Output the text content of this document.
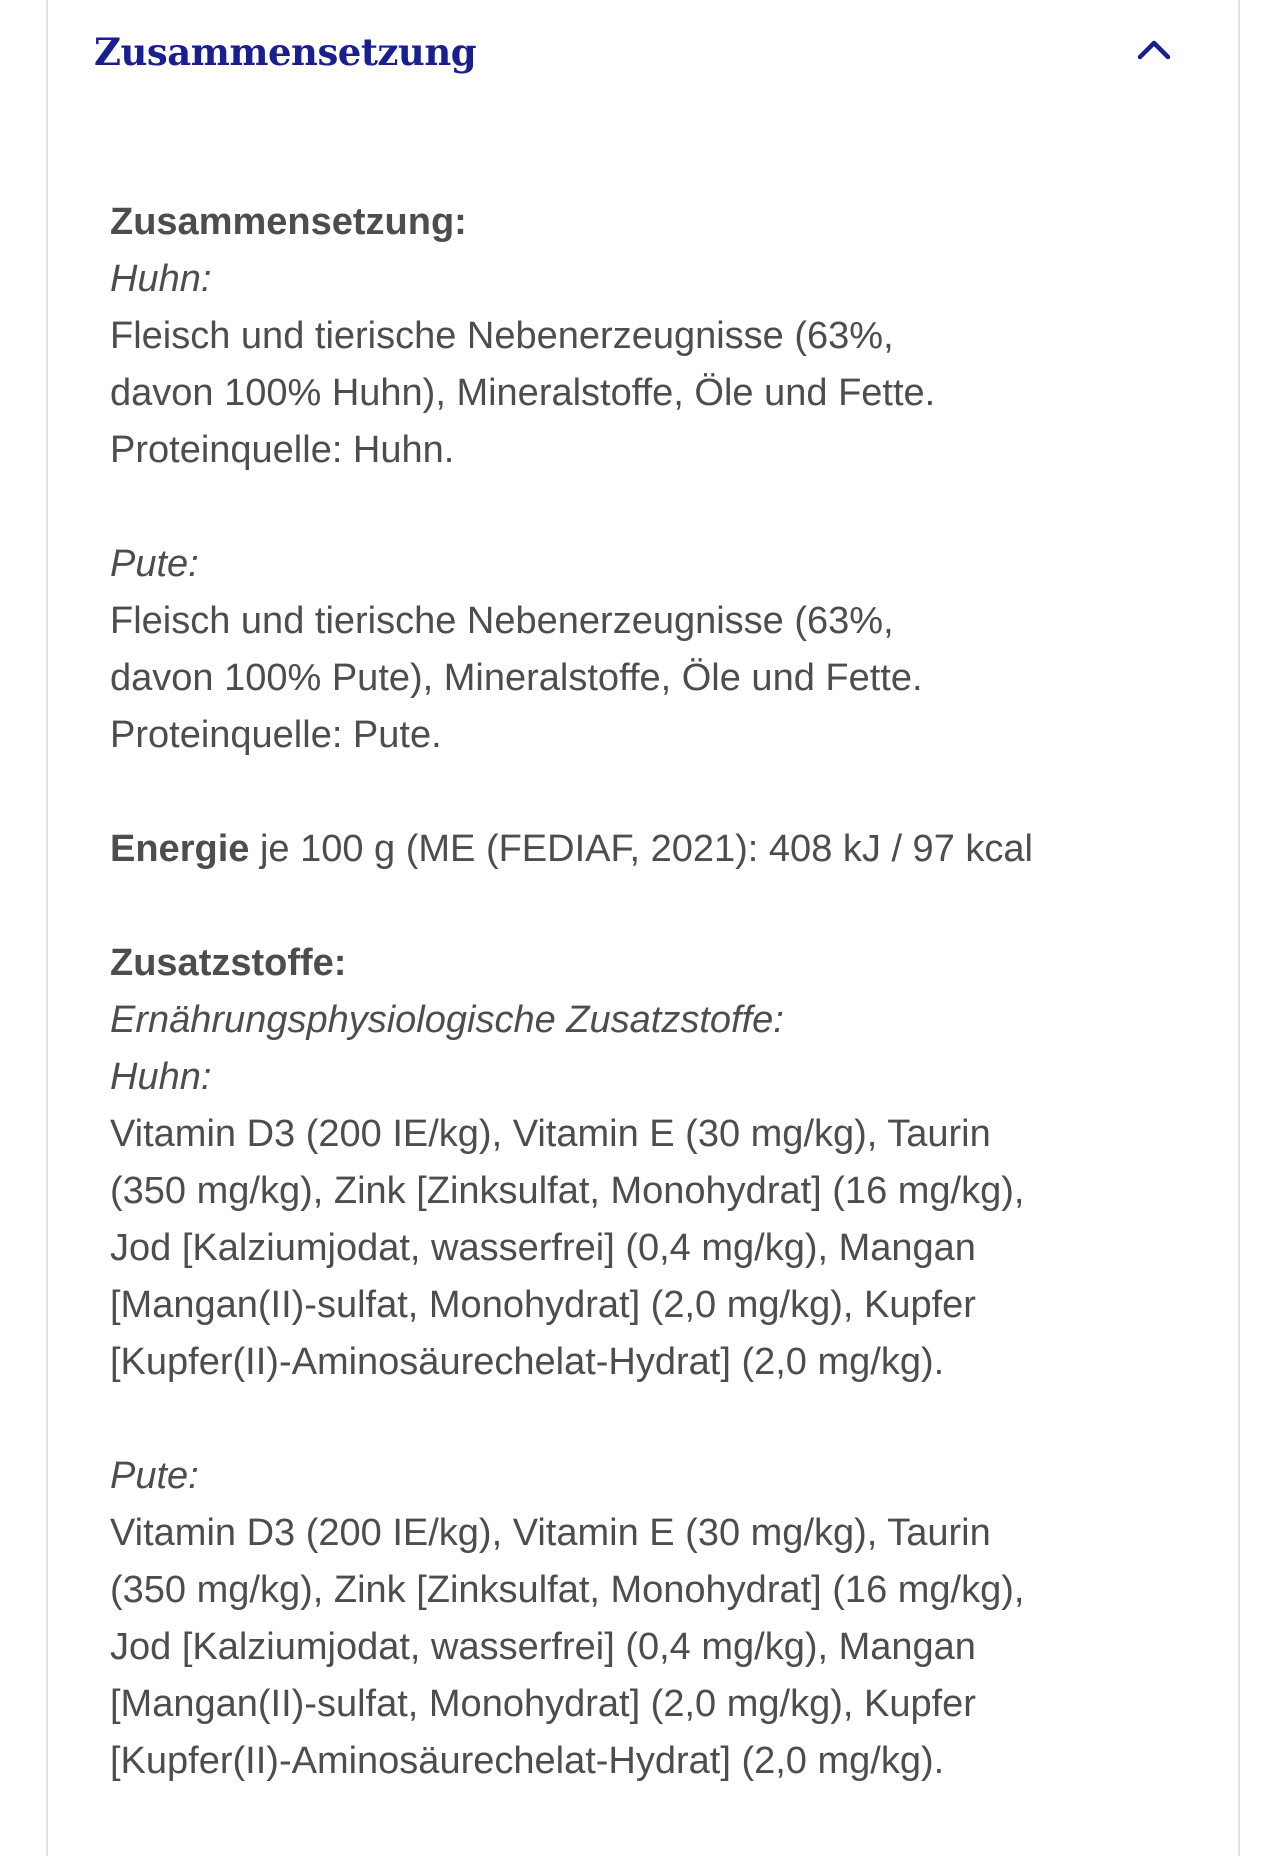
Zusammensetzung
Zusammensetzung:
Huhn:
Fleisch und tierische Nebenerzeugnisse (63%,
davon 100% Huhn), Mineralstoffe, Öle und Fette.
Proteinquelle: Huhn.
Pute:
Fleisch und tierische Nebenerzeugnisse (63%,
davon 100% Pute), Mineralstoffe, Öle und Fette.
Proteinquelle: Pute.
Energie je 100 g (ME (FEDIAF, 2021): 408 kJ / 97 kcal
Zusatzstoffe:
Ernährungsphysiologische Zusatzstoffe:
Huhn:
Vitamin D3 (200 IE/kg), Vitamin E (30 mg/kg), Taurin
(350 mg/kg), Zink [Zinksulfat, Monohydrat] (16 mg/kg),
Jod [Kalziumjodat, wasserfrei] (0,4 mg/kg), Mangan
[Mangan(II)-sulfat, Monohydrat] (2,0 mg/kg), Kupfer
[Kupfer(II)-Aminosäurechelat-Hydrat] (2,0 mg/kg).
Pute:
Vitamin D3 (200 IE/kg), Vitamin E (30 mg/kg), Taurin
(350 mg/kg), Zink [Zinksulfat, Monohydrat] (16 mg/kg),
Jod [Kalziumjodat, wasserfrei] (0,4 mg/kg), Mangan
[Mangan(II)-sulfat, Monohydrat] (2,0 mg/kg), Kupfer
[Kupfer(II)-Aminosäurechelat-Hydrat] (2,0 mg/kg).
